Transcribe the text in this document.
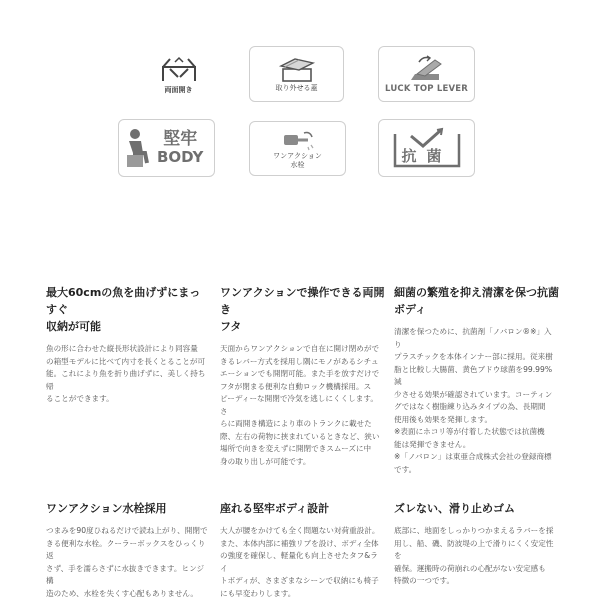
両面開き	取り外せる蓋	LUCK TOP LEVER
堅牢
BODY	ワンアクション
水栓	抗菌
最大60cmの魚を曲げずにまっすぐ
収納が可能

魚の形に合わせた縦長形状設計により同容量
の箱型モデルに比べて内寸を長くとることが可
能。これにより魚を折り曲げずに、美しく持ち帰
ることができます。

ワンアクションで操作できる両開き
フタ

天面からワンアクションで自在に開け閉めがで
きるレバー方式を採用し隅にモノがあるシチュ
エーションでも開閉可能。また手を放すだけで
フタが閉まる便利な自動ロック機構採用。ス
ピーディーな開閉で冷気を逃しにくくします。さ
らに両開き構造により車のトランクに載せた
際、左右の荷物に挟まれているときなど、狭い
場所で向きを変えずに開閉できスムーズに中
身の取り出しが可能です。

細菌の繁殖を抑え清潔を保つ抗菌
ボディ

清潔を保つために、抗菌剤「ノバロン®※」入り
プラスチックを本体インナー部に採用。従来樹
脂と比較し大腸菌、黄色ブドウ球菌を99.99%減
少させる効果が確認されています。コーティン
グではなく樹脂練り込みタイプの為、長期間
使用後も効果を発揮します。
※表面にホコリ等が付着した状態では抗菌機
能は発揮できません。
※「ノバロン」は東亜合成株式会社の登録商標
です。

ワンアクション水栓採用

つまみを90度ひねるだけで読ね上がり、開閉で
きる便利な水栓。クーラーボックスをひっくり返
さず、手を濡らさずに水抜きできます。ヒンジ構
造のため、水栓を失くす心配もありません。

座れる堅牢ボディ設計

大人が腰をかけても全く問題ない対荷重設計。
また、本体内部に補強リブを設け、ボディ全体
の強度を確保し、軽量化も向上させたタフ&ライ
トボディが、さまざまなシーンで収納にも椅子
にも早変わりします。

ズレない、滑り止めゴム

底部に、地面をしっかりつかまえるラバーを採
用し、船、磯、防波堤の上で滑りにくく安定性を
確保。運搬時の荷崩れの心配がない安定感も
特徴の一つです。
